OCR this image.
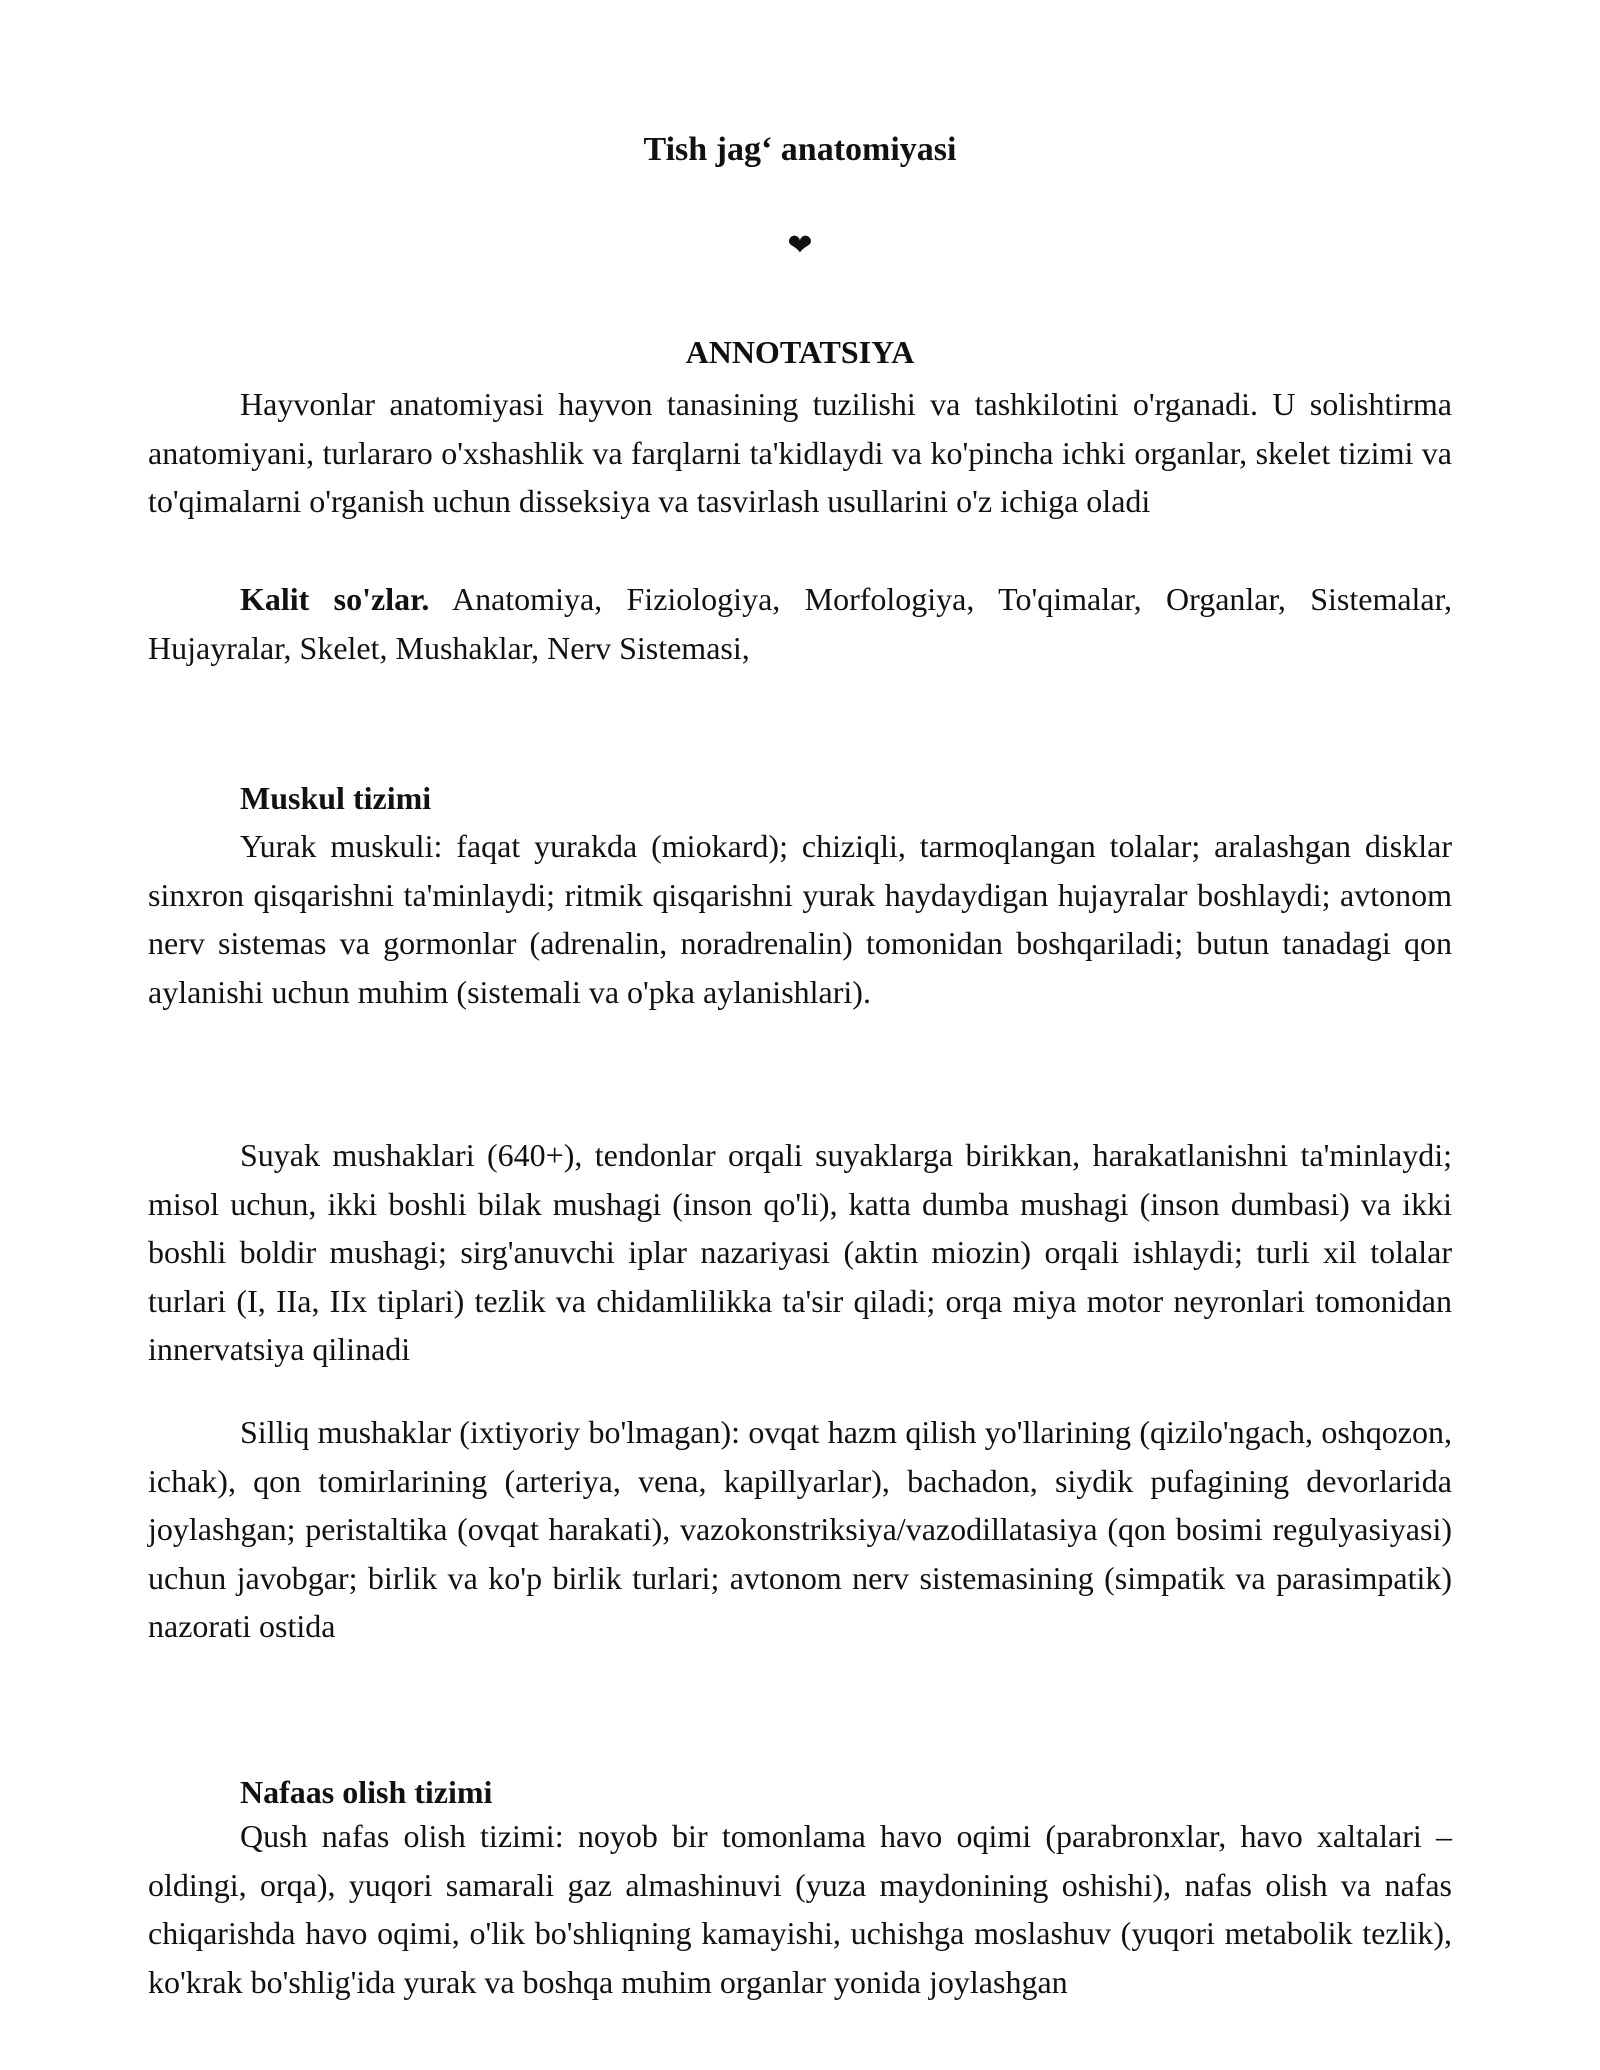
Tish jag‘ anatomiyasi
❤
ANNOTATSIYA

Hayvonlar anatomiyasi hayvon tanasining tuzilishi va tashkilotini o'rganadi. U solishtirma anatomiyani, turlararo o'xshashlik va farqlarni ta'kidlaydi va ko'pincha ichki organlar, skelet tizimi va to'qimalarni o'rganish uchun disseksiya va tasvirlash usullarini o'z ichiga oladi

Kalit so'zlar. Anatomiya, Fiziologiya, Morfologiya, To'qimalar, Organlar, Sistemalar, Hujayralar, Skelet, Mushaklar, Nerv Sistemasi,

Muskul tizimi

Yurak muskuli: faqat yurakda (miokard); chiziqli, tarmoqlangan tolalar; aralashgan disklar sinxron qisqarishni ta'minlaydi; ritmik qisqarishni yurak haydaydigan hujayralar boshlaydi; avtonom nerv sistemas va gormonlar (adrenalin, noradrenalin) tomonidan boshqariladi; butun tanadagi qon aylanishi uchun muhim (sistemali va o'pka aylanishlari).

Suyak mushaklari (640+), tendonlar orqali suyaklarga birikkan, harakatlanishni ta'minlaydi; misol uchun, ikki boshli bilak mushagi (inson qo'li), katta dumba mushagi (inson dumbasi) va ikki boshli boldir mushagi; sirg'anuvchi iplar nazariyasi (aktin miozin) orqali ishlaydi; turli xil tolalar turlari (I, IIa, IIx tiplari) tezlik va chidamlilikka ta'sir qiladi; orqa miya motor neyronlari tomonidan innervatsiya qilinadi

Silliq mushaklar (ixtiyoriy bo'lmagan): ovqat hazm qilish yo'llarining (qizilo'ngach, oshqozon, ichak), qon tomirlarining (arteriya, vena, kapillyarlar), bachadon, siydik pufagining devorlarida joylashgan; peristaltika (ovqat harakati), vazokonstriksiya/vazodillatasiya (qon bosimi regulyasiyasi) uchun javobgar; birlik va ko'p birlik turlari; avtonom nerv sistemasining (simpatik va parasimpatik) nazorati ostida

Nafaas olish tizimi

Qush nafas olish tizimi: noyob bir tomonlama havo oqimi (parabronxlar, havo xaltalari – oldingi, orqa), yuqori samarali gaz almashinuvi (yuza maydonining oshishi), nafas olish va nafas chiqarishda havo oqimi, o'lik bo'shliqning kamayishi, uchishga moslashuv (yuqori metabolik tezlik), ko'krak bo'shlig'ida yurak va boshqa muhim organlar yonida joylashgan
